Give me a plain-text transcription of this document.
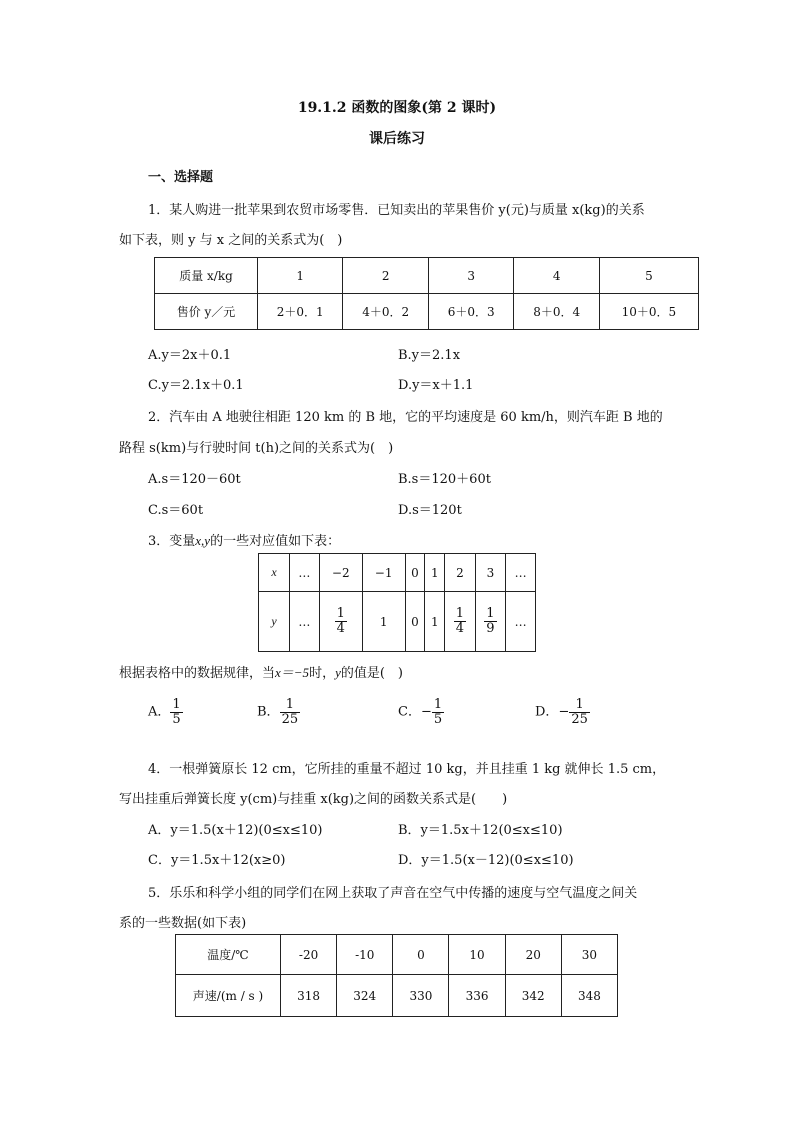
19.1.2 函数的图象(第 2 课时)
课后练习
一、选择题
1．某人购进一批苹果到农贸市场零售．已知卖出的苹果售价 y(元)与质量 x(kg)的关系
如下表，则 y 与 x 之间的关系式为(　)
质量 x/kg	1	2	3	4	5
售价 y／元	2＋0．1	4＋0．2	6＋0．3	8＋0．4	10＋0．5
A.y＝2x＋0.1	B.y＝2.1x
C.y＝2.1x＋0.1	D.y＝x＋1.1
2．汽车由 A 地驶往相距 120 km 的 B 地，它的平均速度是 60 km/h，则汽车距 B 地的
路程 s(km)与行驶时间 t(h)之间的关系式为(　)
A.s＝120－60t	B.s＝120＋60t
C.s＝60t	D.s＝120t
3．变量x,y的一些对应值如下表：
x	…	−2	−1	0	1	2	3	…
y	…	$\frac{1}{4}$	1	0	1	$\frac{1}{4}$	$\frac{1}{9}$	…
根据表格中的数据规律，当x＝−5时，y的值是(　)
A． $\frac{1}{5}$	B． $\frac{1}{25}$	C．− $\frac{1}{5}$	D．− $\frac{1}{25}$
4．一根弹簧原长 12 cm，它所挂的重量不超过 10 kg，并且挂重 1 kg 就伸长 1.5 cm，
写出挂重后弹簧长度 y(cm)与挂重 x(kg)之间的函数关系式是(　　)
A．y＝1.5(x＋12)(0≤x≤10)	B．y＝1.5x＋12(0≤x≤10)
C．y＝1.5x＋12(x≥0)	D．y＝1.5(x－12)(0≤x≤10)
5．乐乐和科学小组的同学们在网上获取了声音在空气中传播的速度与空气温度之间关
系的一些数据(如下表)
温度/℃	-20	-10	0	10	20	30
声速/(m / s )	318	324	330	336	342	348
